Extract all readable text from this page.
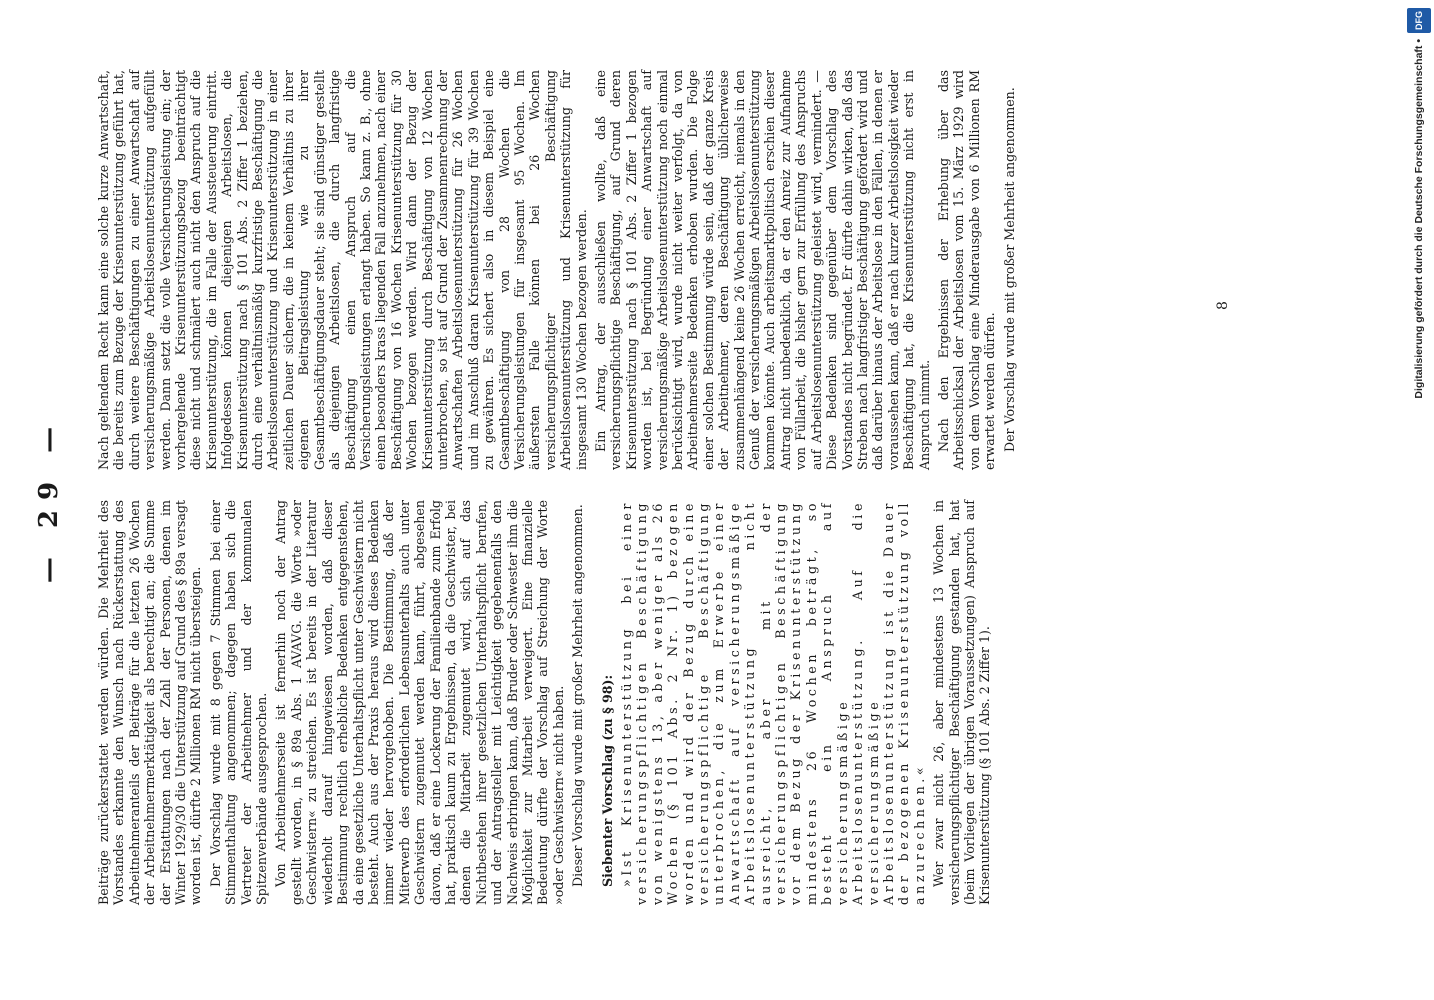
— 29 —	Beiträge zurückerstattet werden würden. Die Mehrheit des Vorstandes erkannte den Wunsch nach Rückerstattung des Arbeitnehmeranteils der Beiträge für die letzten 26 Wochen der Arbeitnehmermerktätigkeit als berechtigt an; die Summe der Erstattungen nach der Zahl der Personen, denen im Winter 1929/30 die Unterstützung auf Grund des § 89a versagt worden ist, dürfte 2 Millionen RM nicht übersteigen. Der Vorschlag wurde mit 8 gegen 7 Stimmen bei einer Stimmenthaltung angenommen; dagegen haben sich die Vertreter der Arbeitnehmer und der kommunalen Spitzenverbände ausgesprochen. Von Arbeitnehmerseite ist fernerhin noch der Antrag gestellt worden, in § 89a Abs. 1 AVAVG. die Worte »oder Geschwistern« zu streichen. Es ist bereits in der Literatur wiederholt darauf hingewiesen worden, daß dieser Bestimmung rechtlich erhebliche Bedenken entgegenstehen, da eine gesetzliche Unterhaltspflicht unter Geschwistern nicht besteht. Auch aus der Praxis heraus wird dieses Bedenken immer wieder hervorgehoben. Die Bestimmung, daß der Miterwerb des erforderlichen Lebensunterhalts auch unter Geschwistern zugemutet werden kann, führt, abgesehen davon, daß er eine Lockerung der Familienbande zum Erfolg hat, praktisch kaum zu Ergebnissen, da die Geschwister, bei denen die Mitarbeit zugemutet wird, sich auf das Nichtbestehen ihrer gesetzlichen Unterhaltspflicht berufen, und der Antragsteller mit Leichtigkeit gegebenenfalls den Nachweis erbringen kann, daß Bruder oder Schwester ihm die Möglichkeit zur Mitarbeit verweigert. Eine finanzielle Bedeutung dürfte der Vorschlag auf Streichung der Worte »oder Geschwistern« nicht haben. Dieser Vorschlag wurde mit großer Mehrheit angenommen. Siebenter Vorschlag (zu § 98): »Ist Krisenunterstützung bei einer versicherungspflichtigen Beschäftigung von wenigstens 13, aber weniger als 26 Wochen (§ 101 Abs. 2 Nr. 1) bezogen worden und wird der Bezug durch eine versicherungspflichtige Beschäftigung unterbrochen, die zum Erwerbe einer Anwartschaft auf versicherungsmäßige Arbeitslosenunterstützung nicht ausreicht, aber mit der versicherungspflichtigen Beschäftigung vor dem Bezug der Krisenunterstützung mindestens 26 Wochen beträgt, so besteht ein Anspruch auf versicherungsmäßige Arbeitslosenunterstützung. Auf die versicherungsmäßige Arbeitslosenunterstützung ist die Dauer der bezogenen Krisenunterstützung voll anzurechnen.« Wer zwar nicht 26, aber mindestens 13 Wochen in versicherungspflichtiger Beschäftigung gestanden hat, hat (beim Vorliegen der übrigen Voraussetzungen) Anspruch auf Krisenunterstützung (§ 101 Abs. 2 Ziffer 1).

Nach geltendem Recht kann eine solche kurze Anwartschaft, die bereits zum Bezuge der Krisenunterstützung geführt hat, durch weitere Beschäftigungen zu einer Anwartschaft auf versicherungsmäßige Arbeitslosenunterstützung aufgefüllt werden. Dann setzt die volle Versicherungsleistung ein; der vorhergehende Krisenunterstützungsbezug beeinträchtigt diese nicht und schmälert auch nicht den Anspruch auf die Krisenunterstützung, die im Falle der Aussteuerung eintritt. Infolgedessen können diejenigen Arbeitslosen, die Krisenunterstützung nach § 101 Abs. 2 Ziffer 1 beziehen, durch eine verhältnismäßig kurzfristige Beschäftigung die Arbeitslosenunterstützung und Krisenunterstützung in einer zeitlichen Dauer sichern, die in keinem Verhältnis zu ihrer eigenen Beitragsleistung wie zu ihrer Gesamtbeschäftigungsdauer steht; sie sind günstiger gestellt als diejenigen Arbeitslosen, die durch langfristige Beschäftigung einen Anspruch auf die Versicherungsleistungen erlangt haben. So kann z. B., ohne einen besonders krass liegenden Fall anzunehmen, nach einer Beschäftigung von 16 Wochen Krisenunterstützung für 30 Wochen bezogen werden. Wird dann der Bezug der Krisenunterstützung durch Beschäftigung von 12 Wochen unterbrochen, so ist auf Grund der Zusammenrechnung der Anwartschaften Arbeitslosenunterstützung für 26 Wochen und im Anschluß daran Krisenunterstützung für 39 Wochen zu gewähren. Es sichert also in diesem Beispiel eine Gesamtbeschäftigung von 28 Wochen die Versicherungsleistungen für insgesamt 95 Wochen. Im äußersten Falle können bei 26 Wochen versicherungspflichtiger Beschäftigung Arbeitslosenunterstützung und Krisenunterstützung für insgesamt 130 Wochen bezogen werden. Ein Antrag, der ausschließen wollte, daß eine versicherungspflichtige Beschäftigung, auf Grund deren Krisenunterstützung nach § 101 Abs. 2 Ziffer 1 bezogen worden ist, bei Begründung einer Anwartschaft auf versicherungsmäßige Arbeitslosenunterstützung noch einmal berücksichtigt wird, wurde nicht weiter verfolgt, da von Arbeitnehmerseite Bedenken erhoben wurden. Die Folge einer solchen Bestimmung würde sein, daß der ganze Kreis der Arbeitnehmer, deren Beschäftigung üblicherweise zusammenhängend keine 26 Wochen erreicht, niemals in den Genuß der versicherungsmäßigen Arbeitslosenunterstützung kommen könnte. Auch arbeitsmarktpolitisch erschien dieser Antrag nicht unbedenklich, da er den Anreiz zur Aufnahme von Füllarbeit, die bisher gern zur Erfüllung des Anspruchs auf Arbeitslosenunterstützung geleistet wird, vermindert. — Diese Bedenken sind gegenüber dem Vorschlag des Vorstandes nicht begründet. Er dürfte dahin wirken, daß das Streben nach langfristiger Beschäftigung gefördert wird und daß darüber hinaus der Arbeitslose in den Fällen, in denen er voraussehen kann, daß er nach kurzer Arbeitslosigkeit wieder Beschäftigung hat, die Krisenunterstützung nicht erst in Anspruch nimmt. Nach den Ergebnissen der Erhebung über das Arbeitsschicksal der Arbeitslosen vom 15. März 1929 wird von dem Vorschlag eine Minderausgabe von 6 Millionen RM erwartet werden dürfen. Der Vorschlag wurde mit großer Mehrheit angenommen.	8	Digitalisierung gefördert durch die Deutsche Forschungsgemeinschaft •
DFG
